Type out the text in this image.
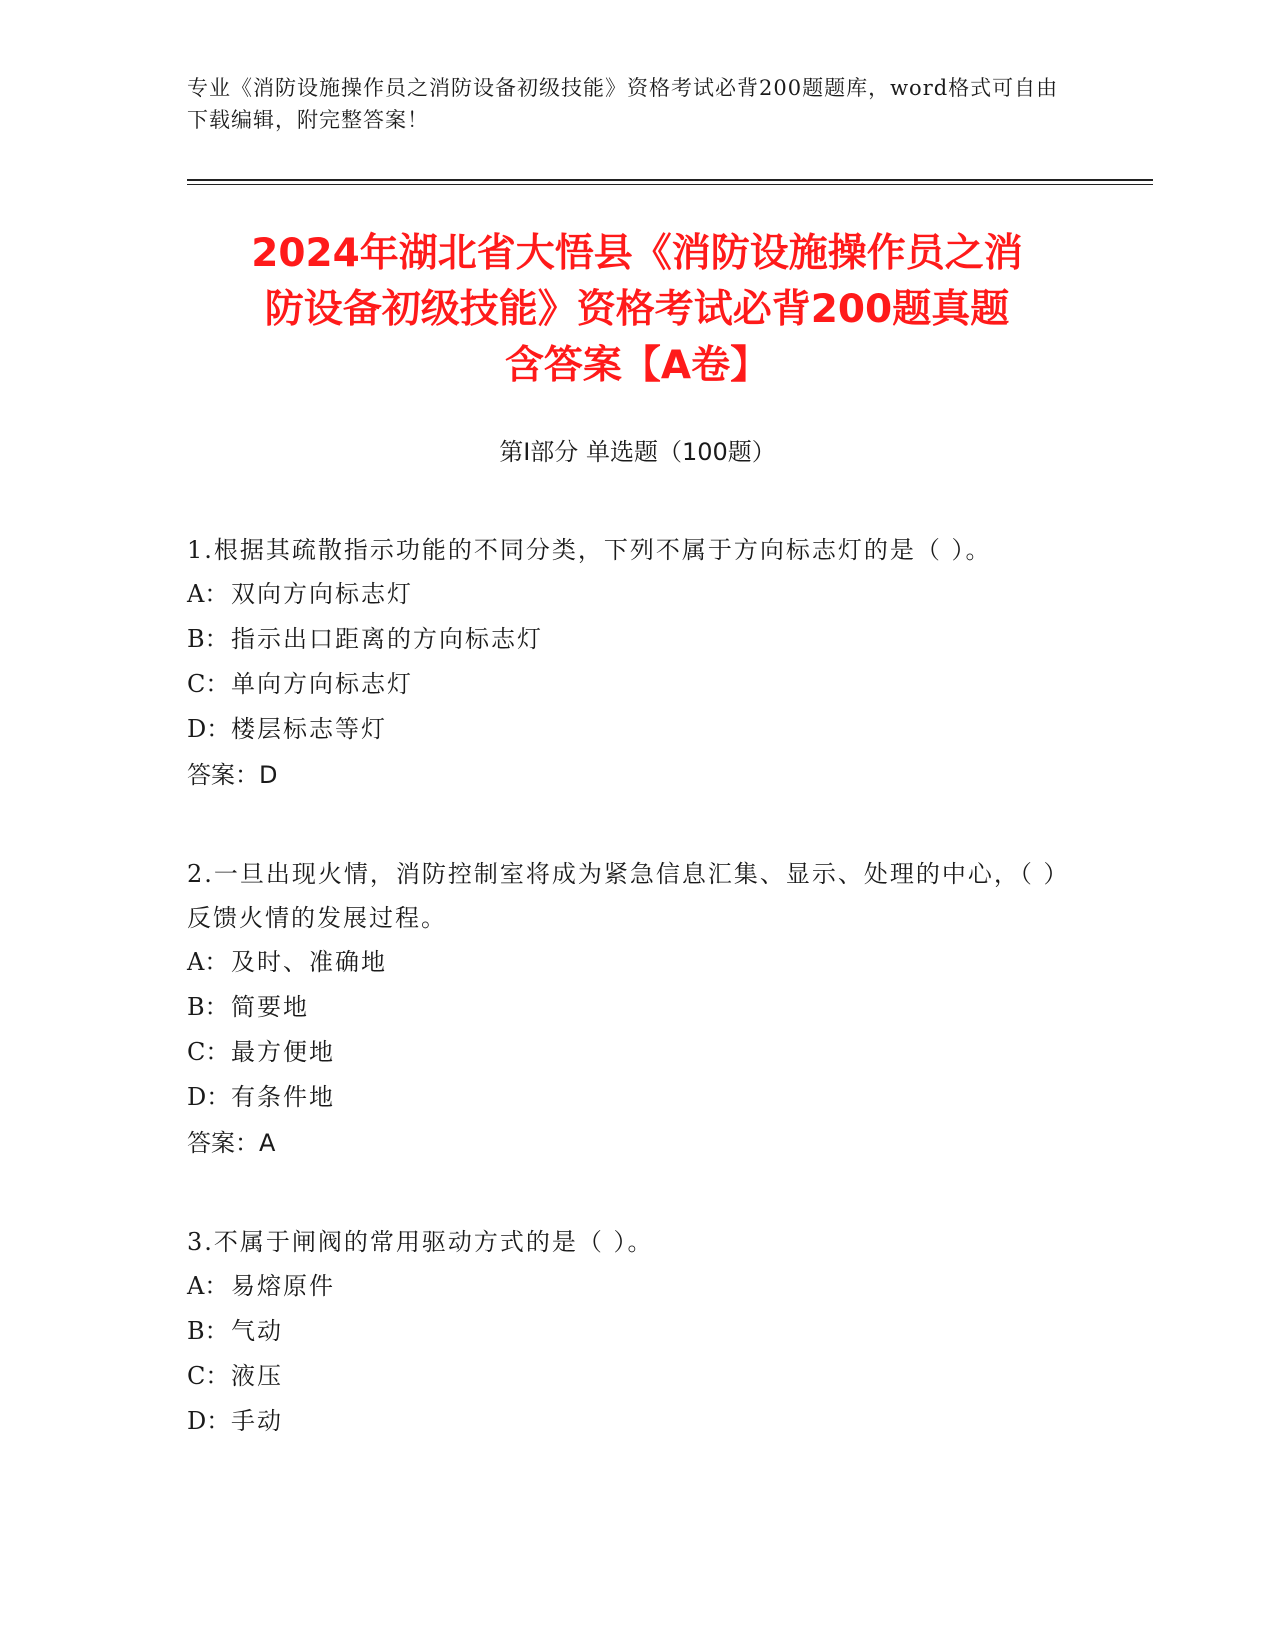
专业《消防设施操作员之消防设备初级技能》资格考试必背200题题库，word格式可自由下载编辑，附完整答案！
2024年湖北省大悟县《消防设施操作员之消
防设备初级技能》资格考试必背200题真题
含答案【A卷】
第Ⅰ部分 单选题（100题）
1.根据其疏散指示功能的不同分类，下列不属于方向标志灯的是（ ）。
A： 双向方向标志灯
B：指示出口距离的方向标志灯
C：单向方向标志灯
D：楼层标志等灯
答案：D
2.一旦出现火情，消防控制室将成为紧急信息汇集、显示、处理的中心，（ ）反馈火情的发展过程。
A： 及时、准确地
B：简要地
C：最方便地
D：有条件地
答案：A
3.不属于闸阀的常用驱动方式的是（ ）。
A： 易熔原件
B：气动
C：液压
D：手动
